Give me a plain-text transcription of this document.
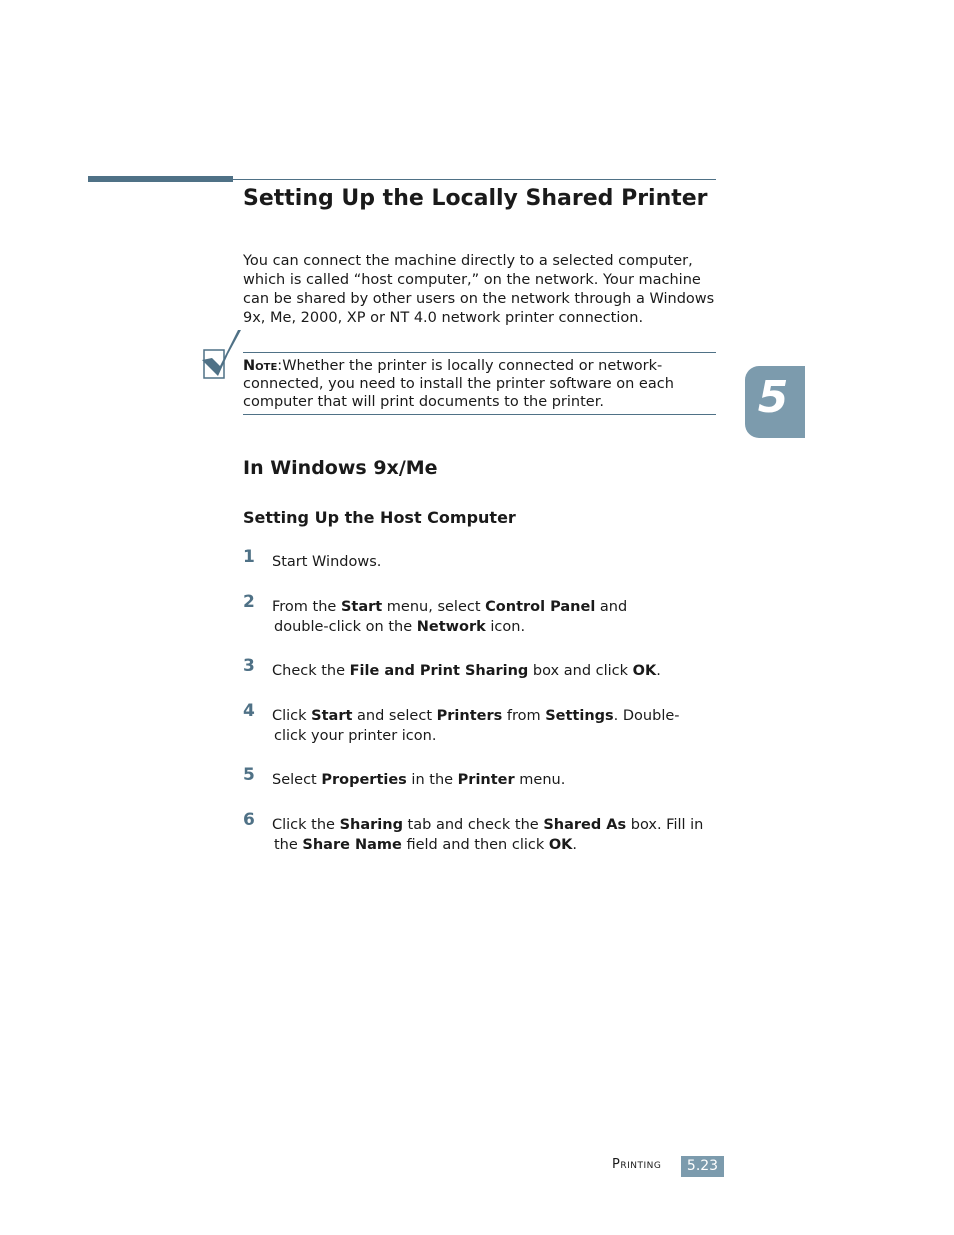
Setting Up the Locally Shared Printer

You can connect the machine directly to a selected computer,
which is called “host computer,” on the network. Your machine
can be shared by other users on the network through a Windows
9x, Me, 2000, XP or NT 4.0 network printer connection.

Note:Whether the printer is locally connected or network-
connected, you need to install the printer software on each
computer that will print documents to the printer.

In Windows 9x/Me
Setting Up the Host Computer
1 Start Windows.
2 From the Start menu, select Control Panel and
double-click on the Network icon.
3 Check the File and Print Sharing box and click OK.
4 Click Start and select Printers from Settings. Double-
click your printer icon.
5 Select Properties in the Printer menu.
6 Click the Sharing tab and check the Shared As box. Fill in
the Share Name field and then click OK.
5
Printing	5.23
